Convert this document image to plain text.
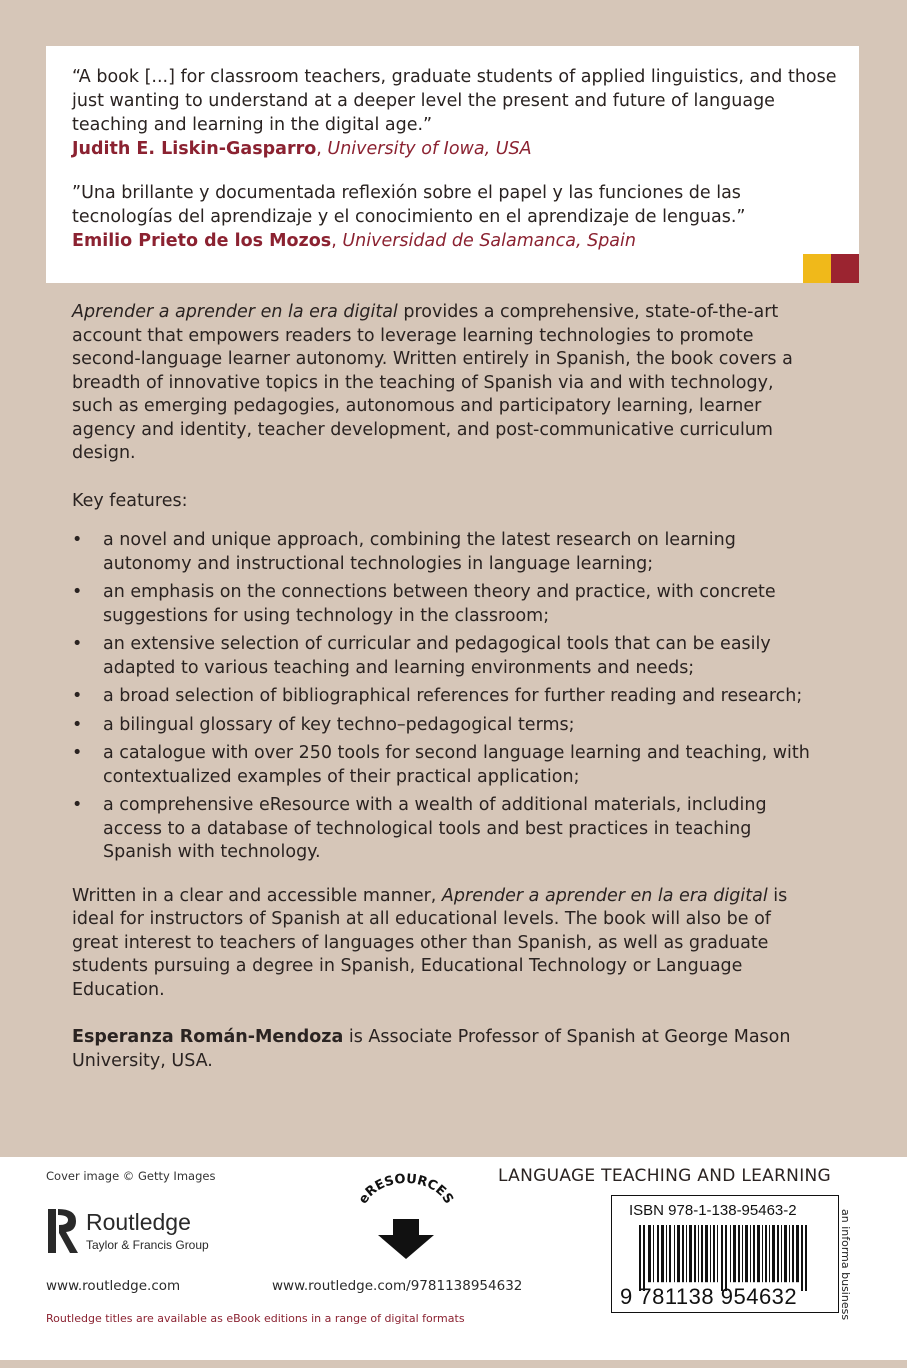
“A book [...] for classroom teachers, graduate students of applied linguistics, and those just wanting to understand at a deeper level the present and future of language teaching and learning in the digital age.”

Judith E. Liskin-Gasparro, University of Iowa, USA

”Una brillante y documentada reflexión sobre el papel y las funciones de las tecnologías del aprendizaje y el conocimiento en el aprendizaje de lenguas.”

Emilio Prieto de los Mozos, Universidad de Salamanca, Spain

Aprender a aprender en la era digital provides a comprehensive, state-of-the-art account that empowers readers to leverage learning technologies to promote second-language learner autonomy. Written entirely in Spanish, the book covers a breadth of innovative topics in the teaching of Spanish via and with technology, such as emerging pedagogies, autonomous and participatory learning, learner agency and identity, teacher development, and post-communicative curriculum design.

Key features:

• a novel and unique approach, combining the latest research on learning autonomy and instructional technologies in language learning;
• an emphasis on the connections between theory and practice, with concrete suggestions for using technology in the classroom;
• an extensive selection of curricular and pedagogical tools that can be easily adapted to various teaching and learning environments and needs;
• a broad selection of bibliographical references for further reading and research;
• a bilingual glossary of key techno–pedagogical terms;
• a catalogue with over 250 tools for second language learning and teaching, with contextualized examples of their practical application;
• a comprehensive eResource with a wealth of additional materials, including access to a database of technological tools and best practices in teaching Spanish with technology.

Written in a clear and accessible manner, Aprender a aprender en la era digital is ideal for instructors of Spanish at all educational levels. The book will also be of great interest to teachers of languages other than Spanish, as well as graduate students pursuing a degree in Spanish, Educational Technology or Language Education.

Esperanza Román-Mendoza is Associate Professor of Spanish at George Mason University, USA.

Cover image © Getty Images	LANGUAGE TEACHING AND LEARNING
Routledge
Taylor & Francis Group
eRESOURCES
www.routledge.com	www.routledge.com/9781138954632
Routledge titles are available as eBook editions in a range of digital formats
ISBN 978-1-138-95463-2
9 781138 954632	an informa business
